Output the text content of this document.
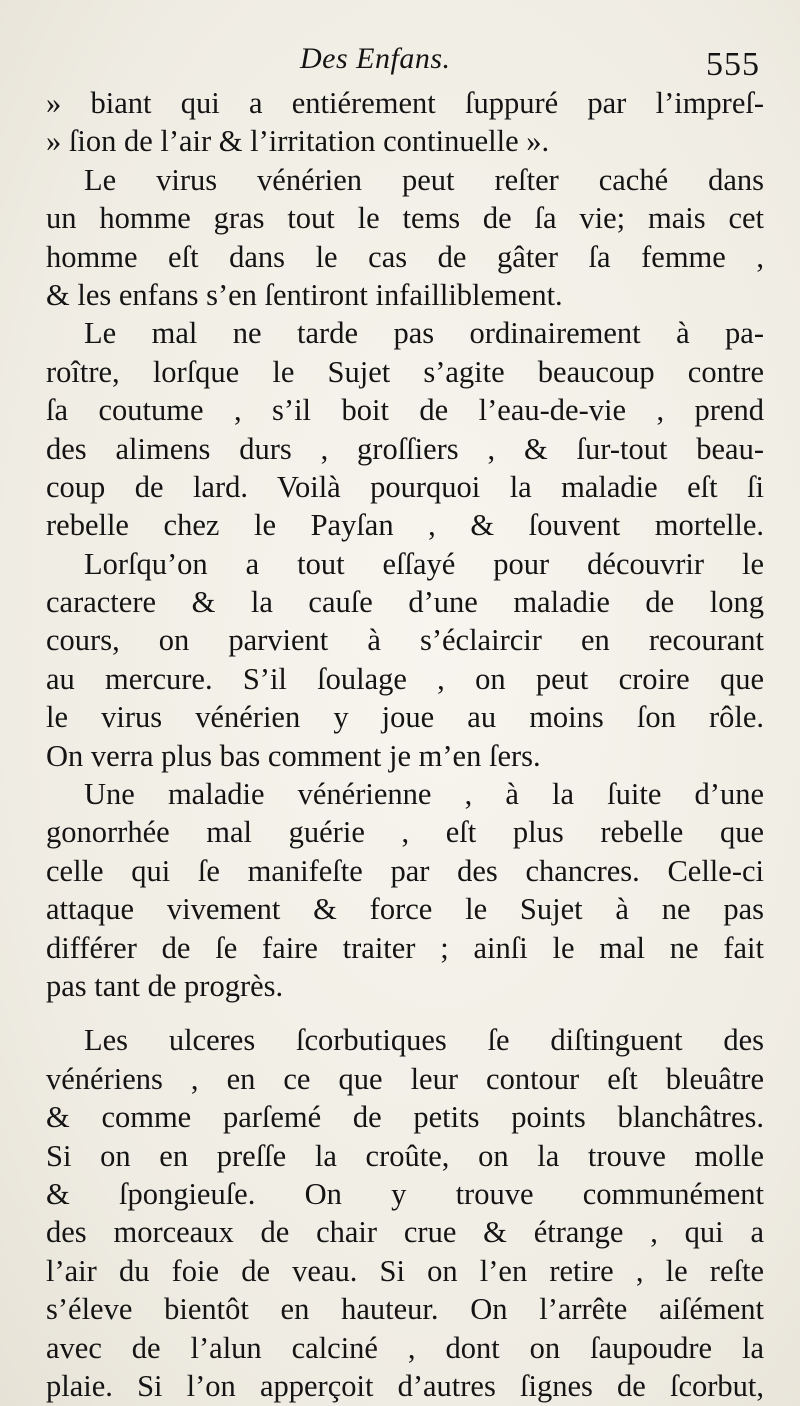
Des Enfans.	555
» biant qui a entiérement ſuppuré par l’impreſ-
» ſion de l’air & l’irritation continuelle ».
Le virus vénérien peut reſter caché dans
un homme gras tout le tems de ſa vie; mais cet
homme eſt dans le cas de gâter ſa femme ,
& les enfans s’en ſentiront infailliblement.
Le mal ne tarde pas ordinairement à pa-
roître, lorſque le Sujet s’agite beaucoup contre
ſa coutume , s’il boit de l’eau-de-vie , prend
des alimens durs , groſſiers , & ſur-tout beau-
coup de lard. Voilà pourquoi la maladie eſt ſi
rebelle chez le Payſan , & ſouvent mortelle.
Lorſqu’on a tout eſſayé pour découvrir le
caractere & la cauſe d’une maladie de long
cours, on parvient à s’éclaircir en recourant
au mercure. S’il ſoulage , on peut croire que
le virus vénérien y joue au moins ſon rôle.
On verra plus bas comment je m’en ſers.
Une maladie vénérienne , à la ſuite d’une
gonorrhée mal guérie , eſt plus rebelle que
celle qui ſe manifeſte par des chancres. Celle-ci
attaque vivement & force le Sujet à ne pas
différer de ſe faire traiter ; ainſi le mal ne fait
pas tant de progrès.
Les ulceres ſcorbutiques ſe diſtinguent des
vénériens , en ce que leur contour eſt bleuâtre
& comme parſemé de petits points blanchâtres.
Si on en preſſe la croûte, on la trouve molle
& ſpongieuſe. On y trouve communément
des morceaux de chair crue & étrange , qui a
l’air du foie de veau. Si on l’en retire , le reſte
s’éleve bientôt en hauteur. On l’arrête aiſément
avec de l’alun calciné , dont on ſaupoudre la
plaie. Si l’on apperçoit d’autres ſignes de ſcorbut,
